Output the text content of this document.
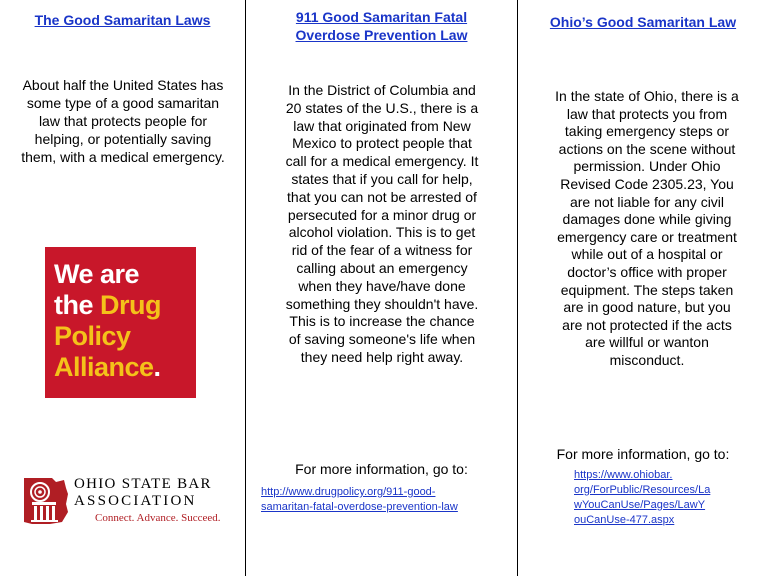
The Good Samaritan Laws
About half the United States has some type of a good samaritan law that protects people for helping, or potentially saving them, with a medical emergency.
We are
the Drug
Policy
Alliance.
OHIO STATE BAR
ASSOCIATION
Connect. Advance. Succeed.
911 Good Samaritan Fatal
Overdose Prevention Law
In the District of Columbia and 20 states of the U.S., there is a law that originated from New Mexico to protect people that call for a medical emergency. It states that if you call for help, that you can not be arrested of persecuted for a minor drug or alcohol violation. This is to get rid of the fear of a witness for calling about an emergency when they have/have done something they shouldn't have. This is to increase the chance of saving someone's life when they need help right away.
For more information, go to:
http://www.drugpolicy.org/911-good-
samaritan-fatal-overdose-prevention-law
Ohio’s Good Samaritan Law
In the state of Ohio, there is a law that protects you from taking emergency steps or actions on the scene without permission. Under Ohio Revised Code 2305.23, You are not liable for any civil damages done while giving emergency care or treatment while out of a hospital or doctor’s office with proper equipment. The steps taken are in good nature, but you are not protected if the acts are willful or wanton misconduct.
For more information, go to:
https://www.ohiobar.
org/ForPublic/Resources/La
wYouCanUse/Pages/LawY
ouCanUse-477.aspx
